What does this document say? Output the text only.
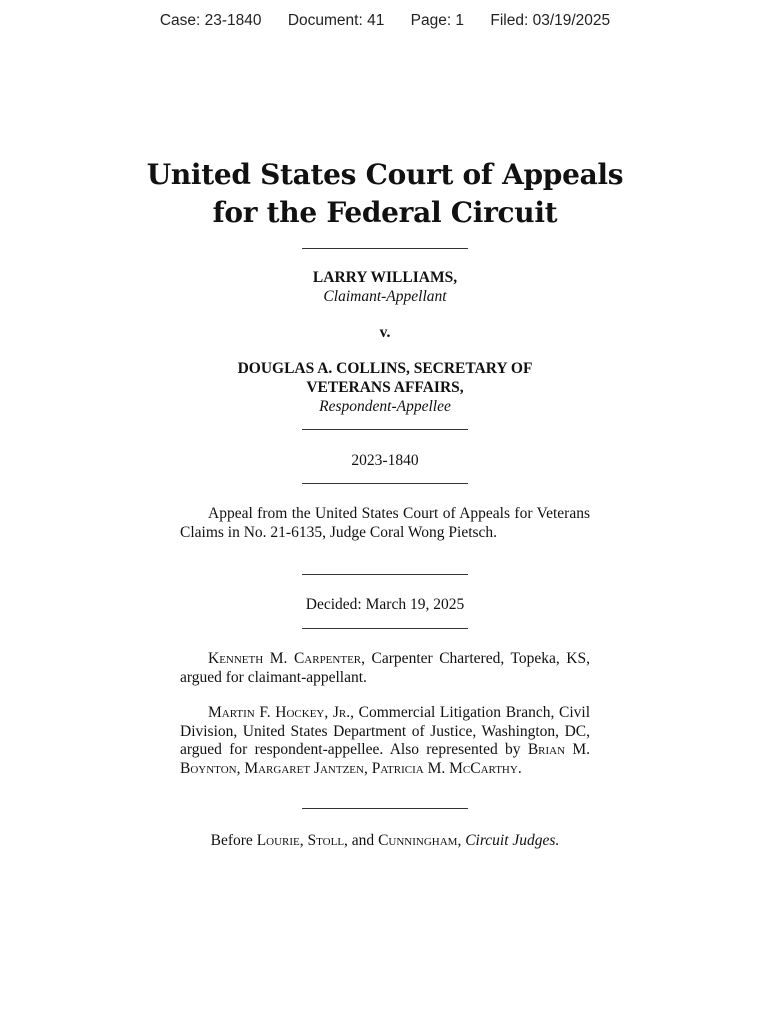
Case: 23-1840 Document: 41 Page: 1 Filed: 03/19/2025
United States Court of Appeals
for the Federal Circuit
LARRY WILLIAMS,
Claimant-Appellant
v.
DOUGLAS A. COLLINS, SECRETARY OF
VETERANS AFFAIRS,
Respondent-Appellee
2023-1840
Appeal from the United States Court of Appeals for Veterans Claims in No. 21-6135, Judge Coral Wong Pietsch.
Decided: March 19, 2025
Kenneth M. Carpenter, Carpenter Chartered, Topeka, KS, argued for claimant-appellant.
Martin F. Hockey, Jr., Commercial Litigation Branch, Civil Division, United States Department of Justice, Washington, DC, argued for respondent-appellee. Also represented by Brian M. Boynton, Margaret Jantzen, Patricia M. McCarthy.
Before Lourie, Stoll, and Cunningham, Circuit Judges.
